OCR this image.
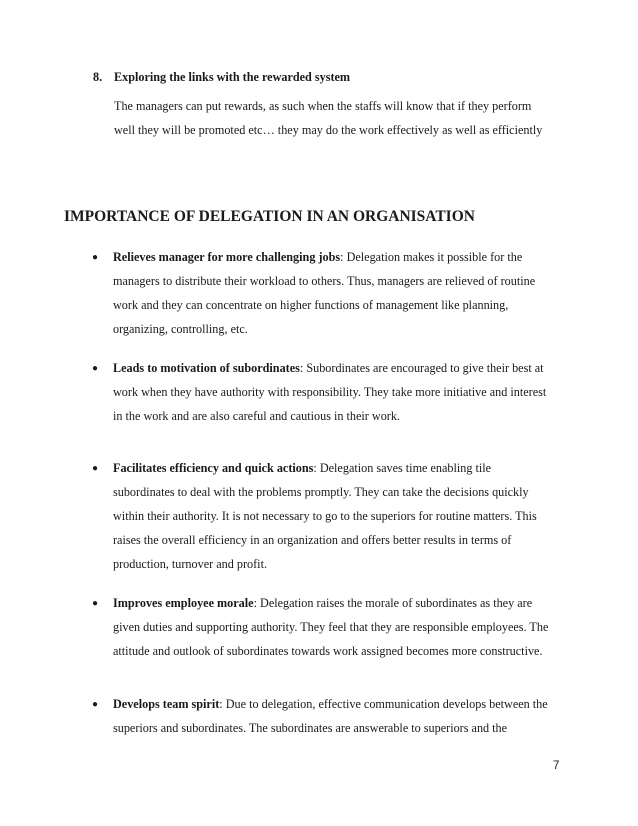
8. Exploring the links with the rewarded system
The managers can put rewards, as such when the staffs will know that if they perform
well they will be promoted etc… they may do the work effectively as well as efficiently
IMPORTANCE OF DELEGATION IN AN ORGANISATION
● Relieves manager for more challenging jobs: Delegation makes it possible for the
managers to distribute their workload to others. Thus, managers are relieved of routine
work and they can concentrate on higher functions of management like planning,
organizing, controlling, etc.
● Leads to motivation of subordinates: Subordinates are encouraged to give their best at
work when they have authority with responsibility. They take more initiative and interest
in the work and are also careful and cautious in their work.
● Facilitates efficiency and quick actions: Delegation saves time enabling tile
subordinates to deal with the problems promptly. They can take the decisions quickly
within their authority. It is not necessary to go to the superiors for routine matters. This
raises the overall efficiency in an organization and offers better results in terms of
production, turnover and profit.
● Improves employee morale: Delegation raises the morale of subordinates as they are
given duties and supporting authority. They feel that they are responsible employees. The
attitude and outlook of subordinates towards work assigned becomes more constructive.
● Develops team spirit: Due to delegation, effective communication develops between the
superiors and subordinates. The subordinates are answerable to superiors and the
7
